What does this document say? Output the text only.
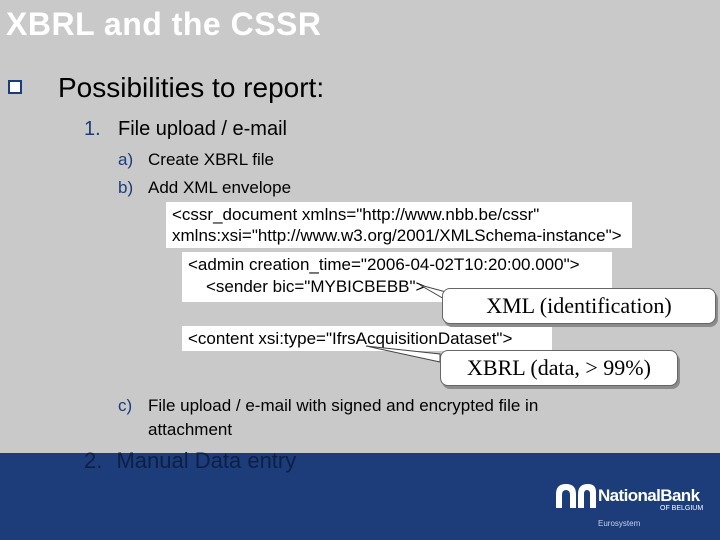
XBRL and the CSSR
Possibilities to report:
1. File upload / e-mail
a) Create XBRL file
b) Add XML envelope
<cssr_document xmlns="http://www.nbb.be/cssr"
xmlns:xsi="http://www.w3.org/2001/XMLSchema-instance">
<admin creation_time="2006-04-02T10:20:00.000">
<sender bic="MYBICBEBB">
<content xsi:type="IfrsAcquisitionDataset">
XML (identification)
XBRL (data, > 99%)
c) File upload / e-mail with signed and encrypted file in
attachment
2. Manual Data entry
NationalBank
OF BELGIUM
Eurosystem
